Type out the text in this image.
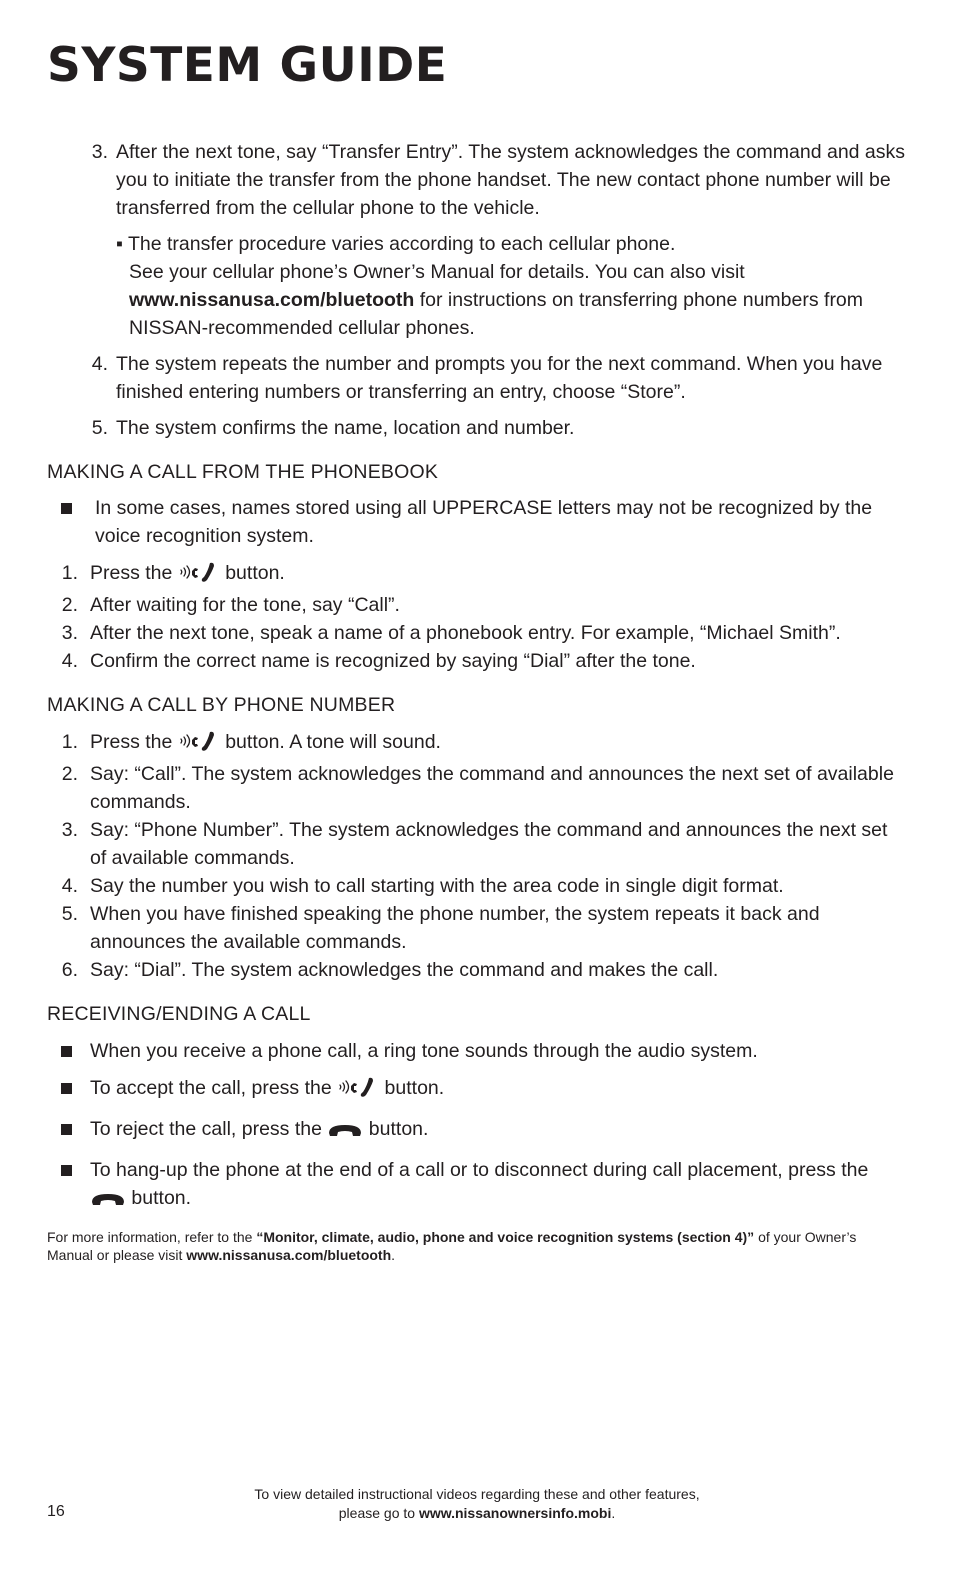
SYSTEM GUIDE
3. After the next tone, say “Transfer Entry”. The system acknowledges the command and asks you to initiate the transfer from the phone handset. The new contact phone number will be transferred from the cellular phone to the vehicle.
▪ The transfer procedure varies according to each cellular phone.
See your cellular phone’s Owner’s Manual for details. You can also visit
www.nissanusa.com/bluetooth for instructions on transferring phone numbers from NISSAN-recommended cellular phones.
4. The system repeats the number and prompts you for the next command. When you have finished entering numbers or transferring an entry, choose “Store”.
5. The system confirms the name, location and number.
MAKING A CALL FROM THE PHONEBOOK
In some cases, names stored using all UPPERCASE letters may not be recognized by the voice recognition system.
1. Press the  button.
2. After waiting for the tone, say “Call”.
3. After the next tone, speak a name of a phonebook entry. For example, “Michael Smith”.
4. Confirm the correct name is recognized by saying “Dial” after the tone.
MAKING A CALL BY PHONE NUMBER
1. Press the  button. A tone will sound.
2. Say: “Call”. The system acknowledges the command and announces the next set of available commands.
3. Say: “Phone Number”. The system acknowledges the command and announces the next set of available commands.
4. Say the number you wish to call starting with the area code in single digit format.
5. When you have finished speaking the phone number, the system repeats it back and announces the available commands.
6. Say: “Dial”. The system acknowledges the command and makes the call.
RECEIVING/ENDING A CALL
When you receive a phone call, a ring tone sounds through the audio system.
To accept the call, press the  button.
To reject the call, press the  button.
To hang-up the phone at the end of a call or to disconnect during call placement, press the  button.
For more information, refer to the “Monitor, climate, audio, phone and voice recognition systems (section 4)” of your Owner’s Manual or please visit www.nissanusa.com/bluetooth.
To view detailed instructional videos regarding these and other features,
please go to www.nissanownersinfo.mobi.
16
